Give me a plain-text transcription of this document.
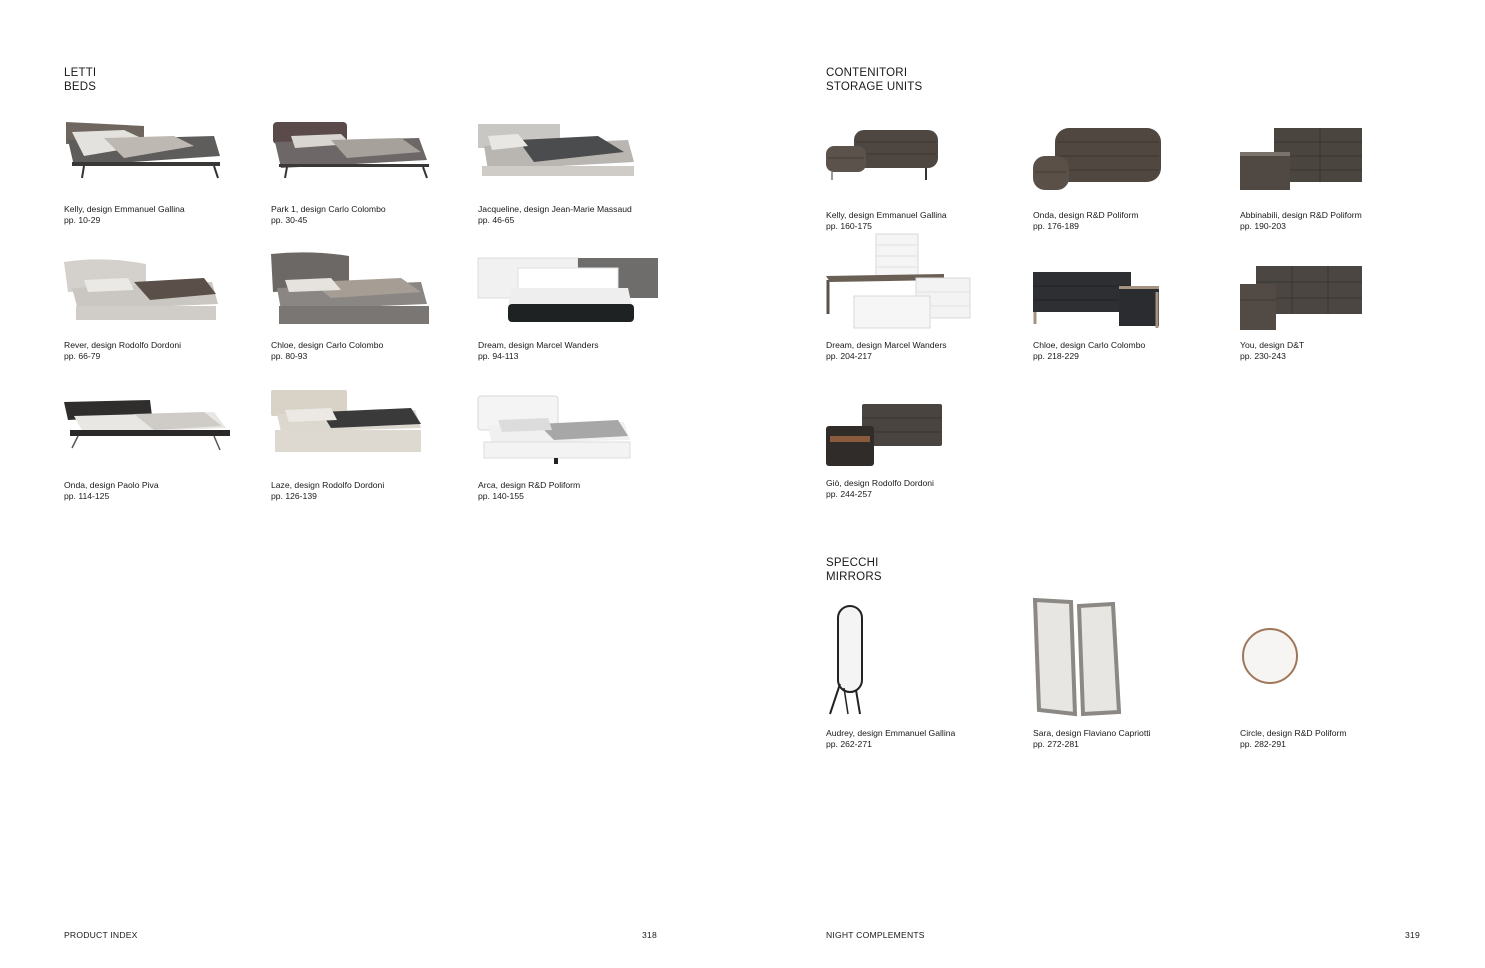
LETTI
BEDS
Kelly, design Emmanuel Gallina
pp. 10-29
Park 1, design Carlo Colombo
pp. 30-45
Jacqueline, design Jean-Marie Massaud
pp. 46-65
Rever, design Rodolfo Dordoni
pp. 66-79
Chloe, design Carlo Colombo
pp. 80-93
Dream, design Marcel Wanders
pp. 94-113
Onda, design Paolo Piva
pp. 114-125
Laze, design Rodolfo Dordoni
pp. 126-139
Arca, design R&D Poliform
pp. 140-155
PRODUCT INDEX	318
CONTENITORI
STORAGE UNITS
Kelly, design Emmanuel Gallina
pp. 160-175
Onda, design R&D Poliform
pp. 176-189
Abbinabili, design R&D Poliform
pp. 190-203
Dream, design Marcel Wanders
pp. 204-217
Chloe, design Carlo Colombo
pp. 218-229
You, design D&T
pp. 230-243
Giò, design Rodolfo Dordoni
pp. 244-257
SPECCHI
MIRRORS
Audrey, design Emmanuel Gallina
pp. 262-271
Sara, design Flaviano Capriotti
pp. 272-281
Circle, design R&D Poliform
pp. 282-291
NIGHT COMPLEMENTS	319
